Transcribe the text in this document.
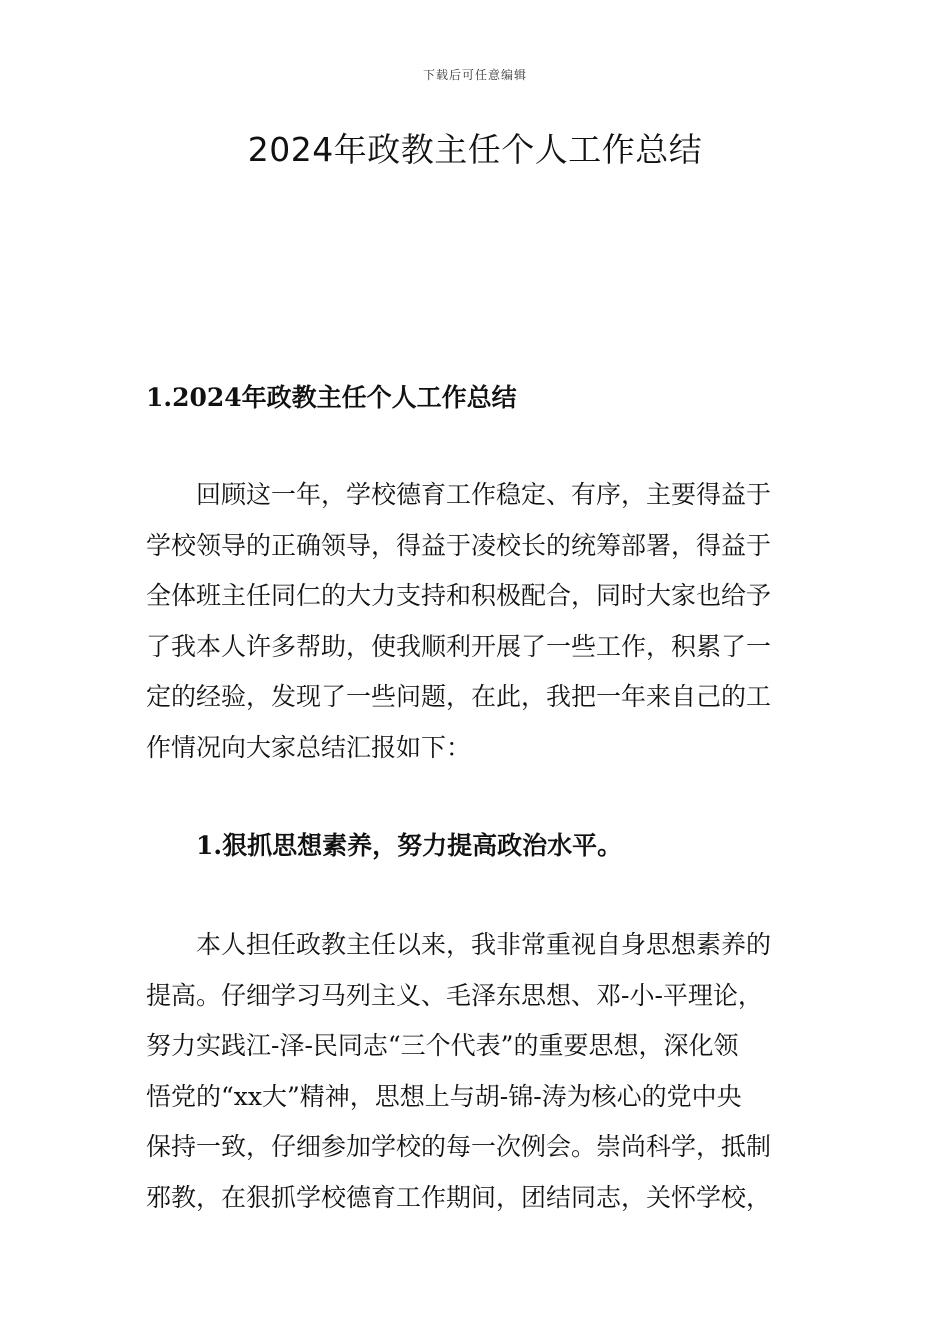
下载后可任意编辑
2024年政教主任个人工作总结
1.2024年政教主任个人工作总结
回顾这一年，学校德育工作稳定、有序，主要得益于
学校领导的正确领导，得益于凌校长的统筹部署，得益于
全体班主任同仁的大力支持和积极配合，同时大家也给予
了我本人许多帮助，使我顺利开展了一些工作，积累了一
定的经验，发现了一些问题，在此，我把一年来自己的工
作情况向大家总结汇报如下：
1.狠抓思想素养，努力提高政治水平。
本人担任政教主任以来，我非常重视自身思想素养的
提高。仔细学习马列主义、毛泽东思想、邓-小-平理论，
努力实践江-泽-民同志“三个代表”的重要思想，深化领
悟党的“xx大”精神，思想上与胡-锦-涛为核心的党中央
保持一致，仔细参加学校的每一次例会。崇尚科学，抵制
邪教，在狠抓学校德育工作期间，团结同志，关怀学校，
